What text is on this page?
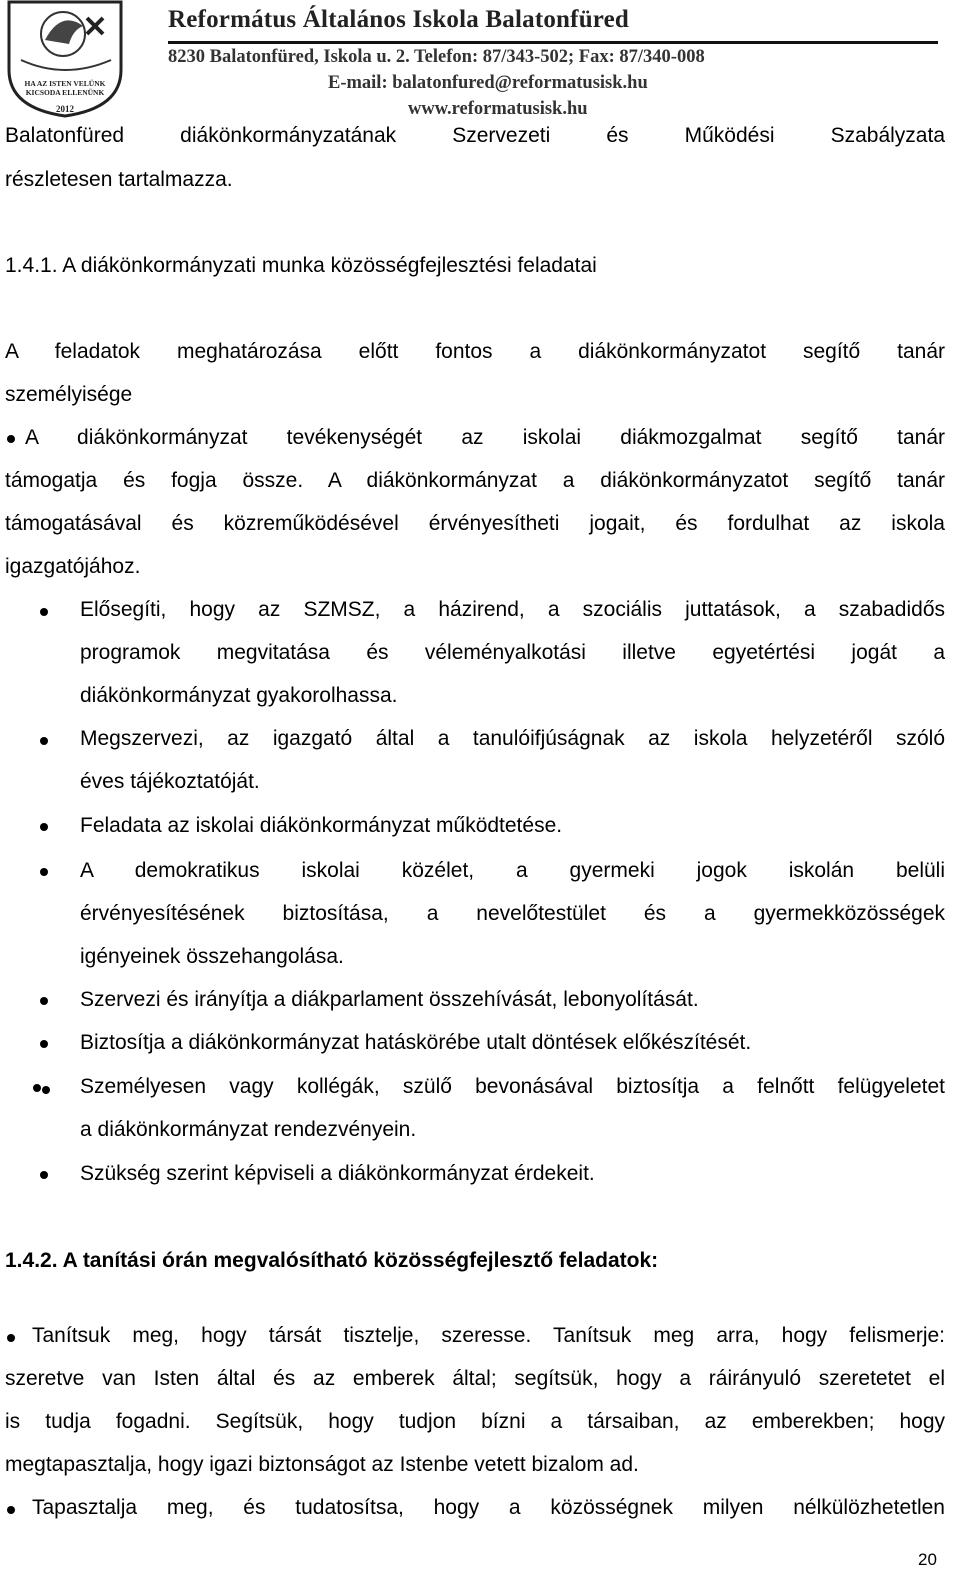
HA AZ ISTEN VELÜNK
KICSODA ELLENÜNK
2012
Református Általános Iskola Balatonfüred
8230 Balatonfüred, Iskola u. 2. Telefon: 87/343-502; Fax: 87/340-008
E-mail: balatonfured@reformatusisk.hu
www.reformatusisk.hu

Balatonfüred diákönkormányzatának Szervezeti és Működési Szabályzata

részletesen tartalmazza.

1.4.1. A diákönkormányzati munka közösségfejlesztési feladatai

A feladatok meghatározása előtt fontos a diákönkormányzatot segítő tanár

személyisége

A diákönkormányzat tevékenységét az iskolai diákmozgalmat segítő tanár

támogatja és fogja össze. A diákönkormányzat a diákönkormányzatot segítő tanár

támogatásával és közreműködésével érvényesítheti jogait, és fordulhat az iskola

igazgatójához.

Elősegíti, hogy az SZMSZ, a házirend, a szociális juttatások, a szabadidős

programok megvitatása és véleményalkotási illetve egyetértési jogát a

diákönkormányzat gyakorolhassa.

Megszervezi, az igazgató által a tanulóifjúságnak az iskola helyzetéről szóló

éves tájékoztatóját.

Feladata az iskolai diákönkormányzat működtetése.

A demokratikus iskolai közélet, a gyermeki jogok iskolán belüli

érvényesítésének biztosítása, a nevelőtestület és a gyermekközösségek

igényeinek összehangolása.

Szervezi és irányítja a diákparlament összehívását, lebonyolítását.

Biztosítja a diákönkormányzat hatáskörébe utalt döntések előkészítését.

Személyesen vagy kollégák, szülő bevonásával biztosítja a felnőtt felügyeletet

a diákönkormányzat rendezvényein.

Szükség szerint képviseli a diákönkormányzat érdekeit.

1.4.2. A tanítási órán megvalósítható közösségfejlesztő feladatok:

Tanítsuk meg, hogy társát tisztelje, szeresse. Tanítsuk meg arra, hogy felismerje:

szeretve van Isten által és az emberek által; segítsük, hogy a ráirányuló szeretetet el

is tudja fogadni. Segítsük, hogy tudjon bízni a társaiban, az emberekben; hogy

megtapasztalja, hogy igazi biztonságot az Istenbe vetett bizalom ad.

Tapasztalja meg, és tudatosítsa, hogy a közösségnek milyen nélkülözhetetlen

20
